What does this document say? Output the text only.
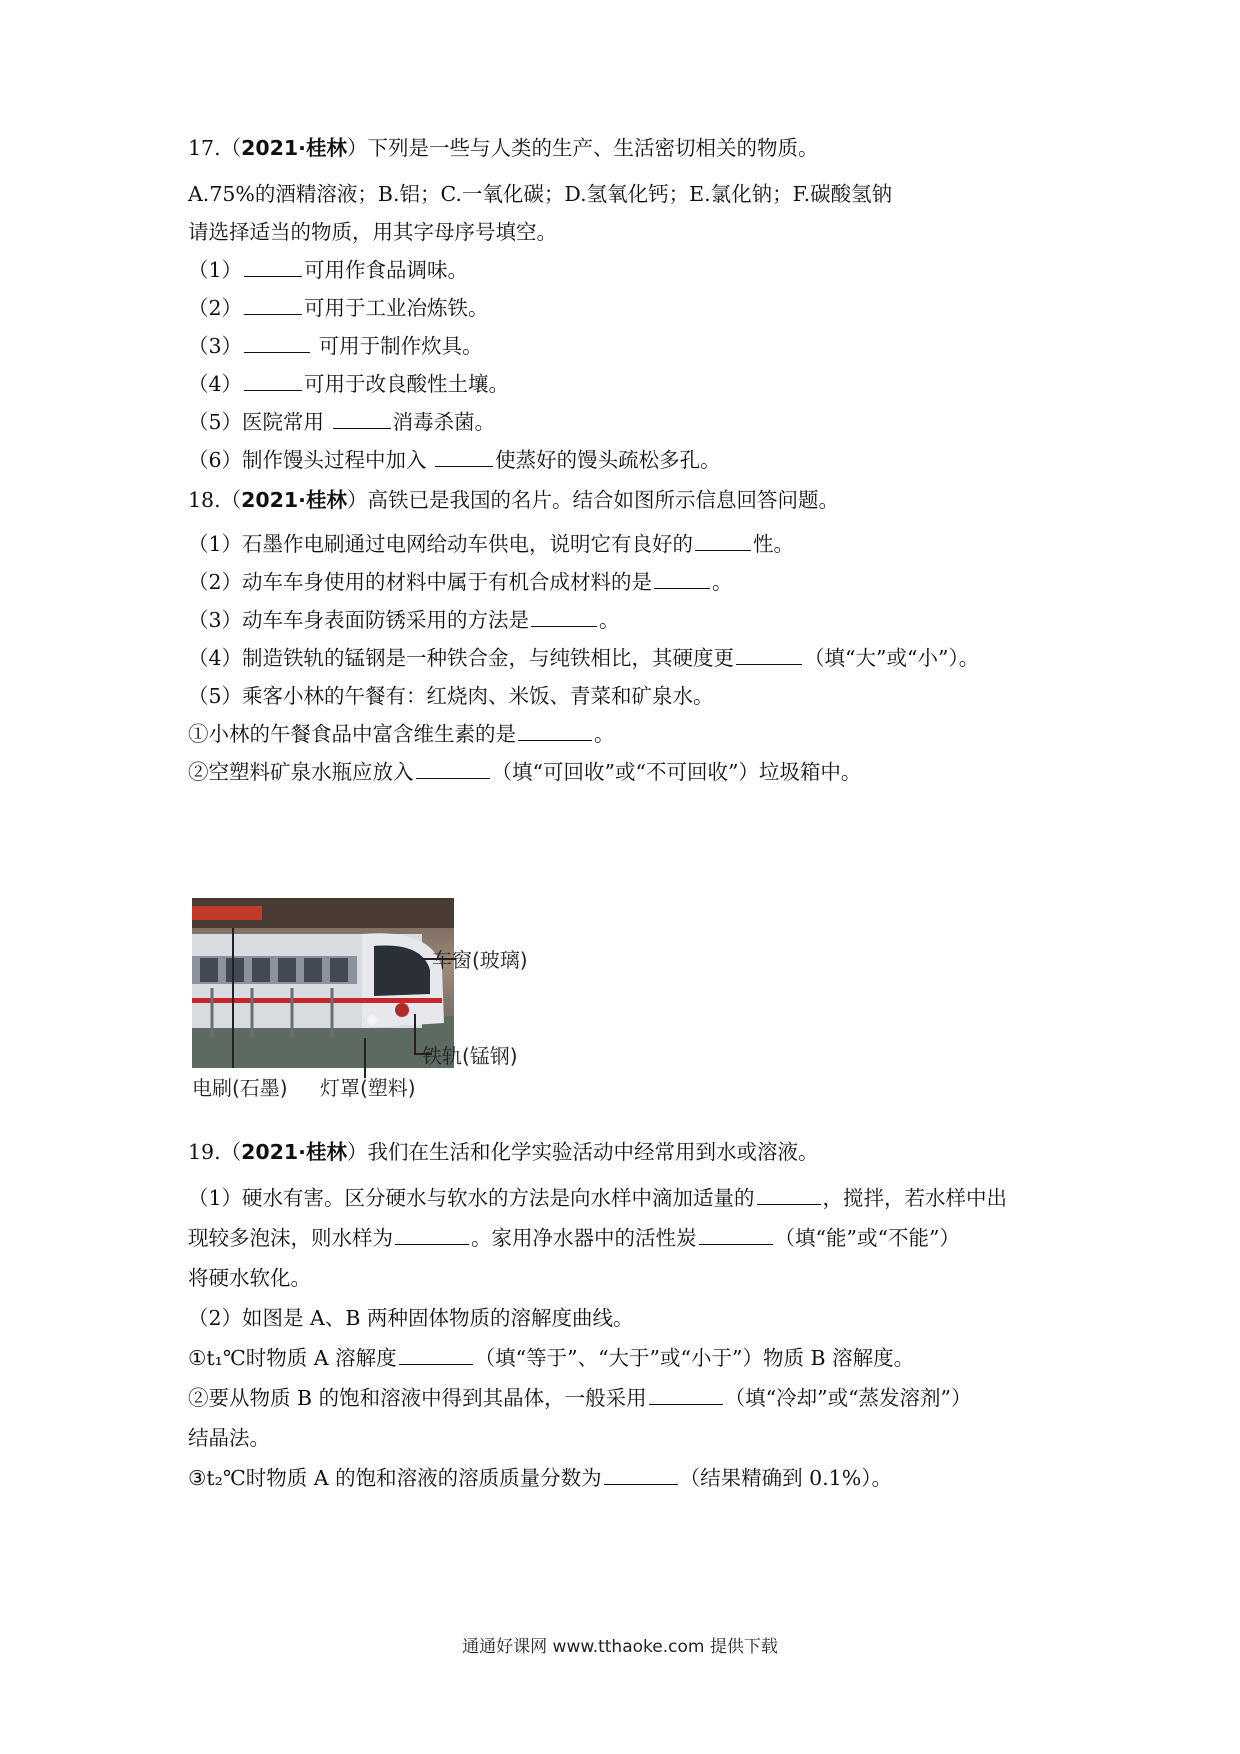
17.（2021·桂林）下列是一些与人类的生产、生活密切相关的物质。
A.75%的酒精溶液；B.铝；C.一氧化碳；D.氢氧化钙；E.氯化钠；F.碳酸氢钠
请选择适当的物质，用其字母序号填空。
（1）	可用作食品调味。
（2）	可用于工业冶炼铁。
（3）	可用于制作炊具。
（4）	可用于改良酸性土壤。
（5）医院常用	消毒杀菌。
（6）制作馒头过程中加入	使蒸好的馒头疏松多孔。
18.（2021·桂林）高铁已是我国的名片。结合如图所示信息回答问题。
（1）石墨作电刷通过电网给动车供电，说明它有良好的	性。
（2）动车车身使用的材料中属于有机合成材料的是	。
（3）动车车身表面防锈采用的方法是	。
（4）制造铁轨的锰钢是一种铁合金，与纯铁相比，其硬度更	（填“大”或“小”）。
（5）乘客小林的午餐有：红烧肉、米饭、青菜和矿泉水。
①小林的午餐食品中富含维生素的是	。
②空塑料矿泉水瓶应放入	（填“可回收”或“不可回收”）垃圾箱中。
19.（2021·桂林）我们在生活和化学实验活动中经常用到水或溶液。
（1）硬水有害。区分硬水与软水的方法是向水样中滴加适量的	，搅拌，若水样中出
现较多泡沫，则水样为	。家用净水器中的活性炭	（填“能”或“不能”）
将硬水软化。
（2）如图是 A、B 两种固体物质的溶解度曲线。
①t₁℃时物质 A 溶解度	（填“等于”、“大于”或“小于”）物质 B 溶解度。
②要从物质 B 的饱和溶液中得到其晶体，一般采用	（填“冷却”或“蒸发溶剂”）
结晶法。
③t₂℃时物质 A 的饱和溶液的溶质质量分数为	（结果精确到 0.1%）。
车窗(玻璃)
铁轨(锰钢)
电刷(石墨) 灯罩(塑料)
通通好课网 www.tthaoke.com 提供下载
